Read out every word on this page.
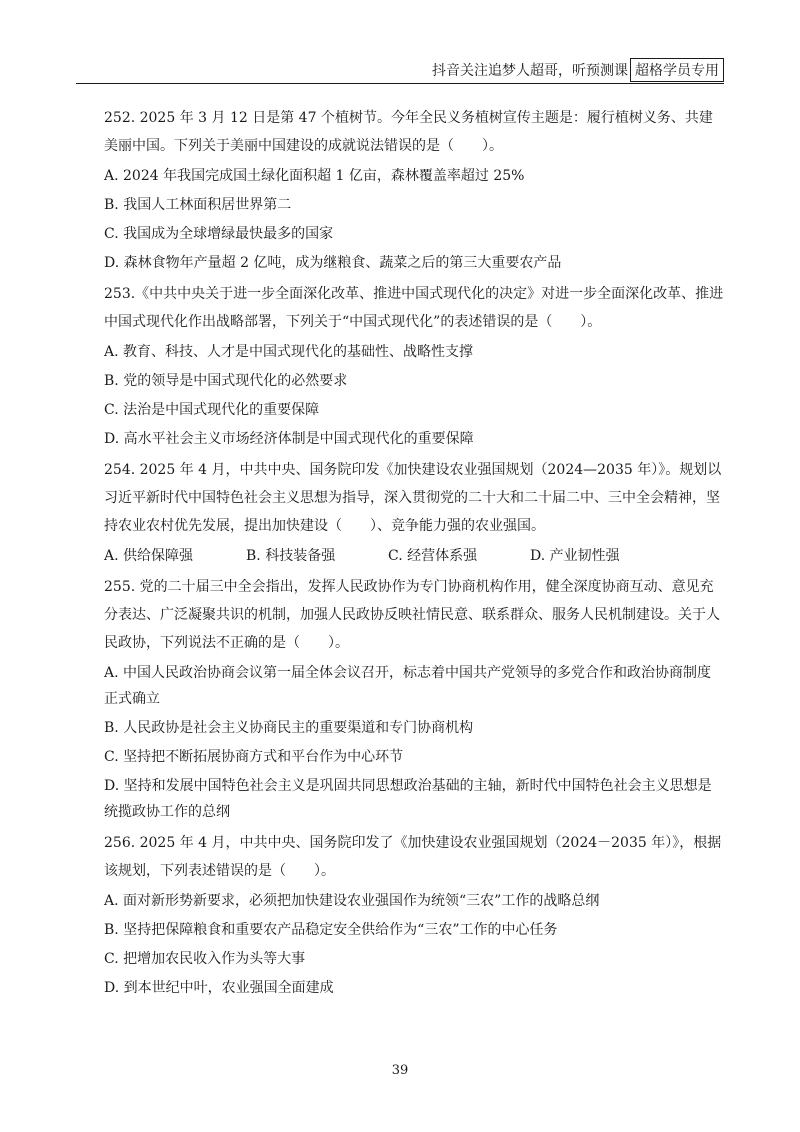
抖音关注追梦人超哥，听预测课 超格学员专用
252. 2025 年 3 月 12 日是第 47 个植树节。今年全民义务植树宣传主题是：履行植树义务、共建美丽中国。下列关于美丽中国建设的成就说法错误的是（　　）。
A. 2024 年我国完成国土绿化面积超 1 亿亩，森林覆盖率超过 25%
B. 我国人工林面积居世界第二
C. 我国成为全球增绿最快最多的国家
D. 森林食物年产量超 2 亿吨，成为继粮食、蔬菜之后的第三大重要农产品
253.《中共中央关于进一步全面深化改革、推进中国式现代化的决定》对进一步全面深化改革、推进中国式现代化作出战略部署，下列关于“中国式现代化”的表述错误的是（　　）。
A. 教育、科技、人才是中国式现代化的基础性、战略性支撑
B. 党的领导是中国式现代化的必然要求
C. 法治是中国式现代化的重要保障
D. 高水平社会主义市场经济体制是中国式现代化的重要保障
254. 2025 年 4 月，中共中央、国务院印发《加快建设农业强国规划（2024—2035 年）》。规划以习近平新时代中国特色社会主义思想为指导，深入贯彻党的二十大和二十届二中、三中全会精神，坚持农业农村优先发展，提出加快建设（　　）、竞争能力强的农业强国。
A. 供给保障强	B. 科技装备强	C. 经营体系强	D. 产业韧性强
255. 党的二十届三中全会指出，发挥人民政协作为专门协商机构作用，健全深度协商互动、意见充分表达、广泛凝聚共识的机制，加强人民政协反映社情民意、联系群众、服务人民机制建设。关于人民政协，下列说法不正确的是（　　）。
A. 中国人民政治协商会议第一届全体会议召开，标志着中国共产党领导的多党合作和政治协商制度正式确立
B. 人民政协是社会主义协商民主的重要渠道和专门协商机构
C. 坚持把不断拓展协商方式和平台作为中心环节
D. 坚持和发展中国特色社会主义是巩固共同思想政治基础的主轴，新时代中国特色社会主义思想是统揽政协工作的总纲
256. 2025 年 4 月，中共中央、国务院印发了《加快建设农业强国规划（2024－2035 年）》，根据该规划，下列表述错误的是（　　）。
A. 面对新形势新要求，必须把加快建设农业强国作为统领“三农”工作的战略总纲
B. 坚持把保障粮食和重要农产品稳定安全供给作为“三农”工作的中心任务
C. 把增加农民收入作为头等大事
D. 到本世纪中叶，农业强国全面建成
39
